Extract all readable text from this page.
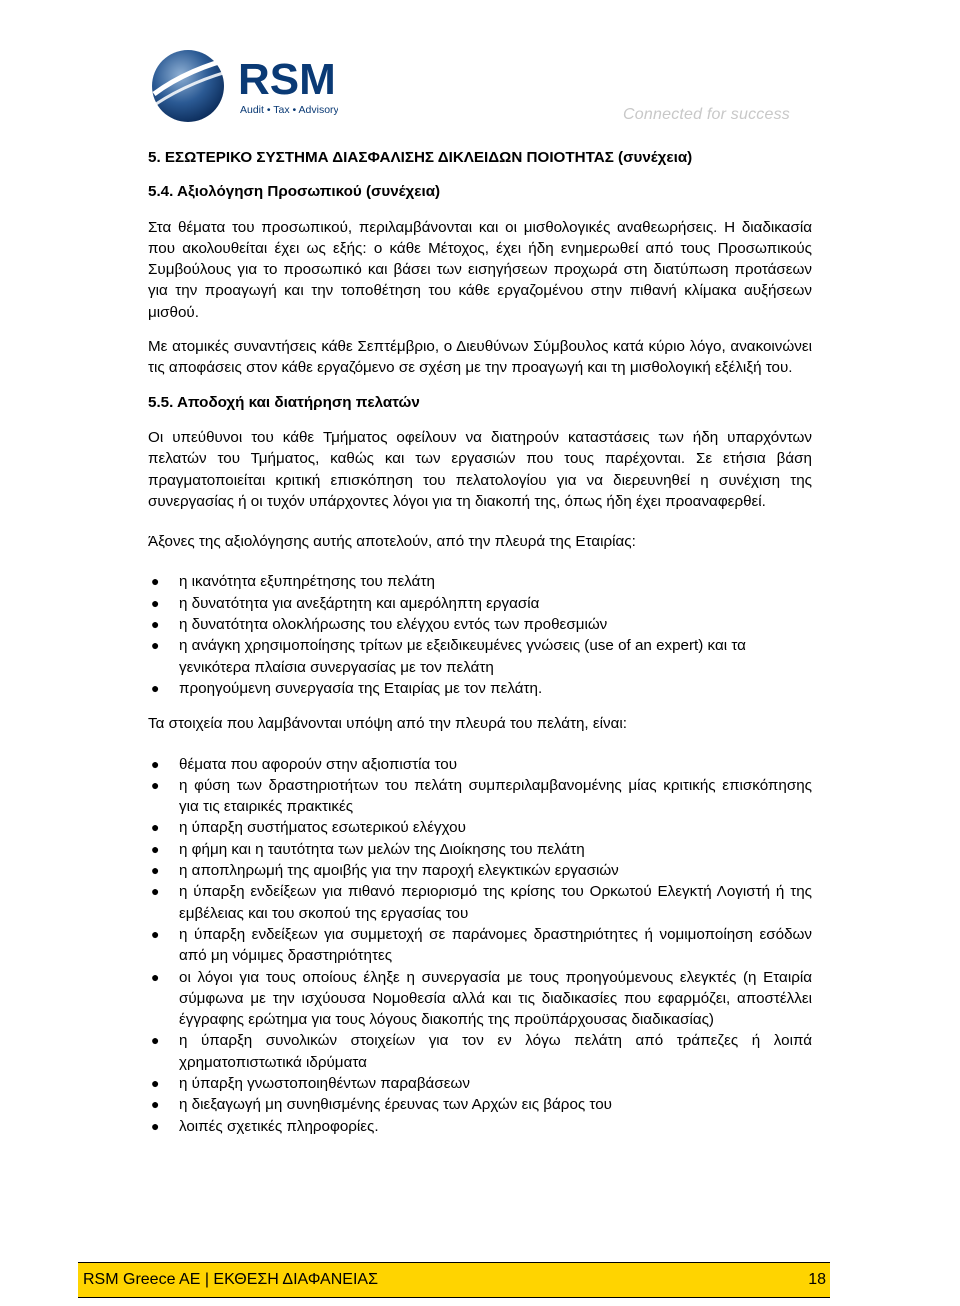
RSM
Audit • Tax • Advisory	Connected for success
5. ΕΣΩΤΕΡΙΚΟ ΣΥΣΤΗΜΑ ΔΙΑΣΦΑΛΙΣΗΣ ΔΙΚΛΕΙΔΩΝ ΠΟΙΟΤΗΤΑΣ (συνέχεια)
5.4. Αξιολόγηση Προσωπικού (συνέχεια)

Στα θέματα του προσωπικού, περιλαμβάνονται και οι μισθολογικές αναθεωρήσεις. Η διαδικασία που ακολουθείται έχει ως εξής: ο κάθε Μέτοχος, έχει ήδη ενημερωθεί από τους Προσωπικούς Συμβούλους για το προσωπικό και βάσει των εισηγήσεων προχωρά στη διατύπωση προτάσεων για την προαγωγή και την τοποθέτηση του κάθε εργαζομένου στην πιθανή κλίμακα αυξήσεων μισθού.

Με ατομικές συναντήσεις κάθε Σεπτέμβριο, ο Διευθύνων Σύμβουλος κατά κύριο λόγο, ανακοινώνει τις αποφάσεις στον κάθε εργαζόμενο σε σχέση με την προαγωγή και τη μισθολογική εξέλιξή του.

5.5. Αποδοχή και διατήρηση πελατών

Οι υπεύθυνοι του κάθε Τμήματος οφείλουν να διατηρούν καταστάσεις των ήδη υπαρχόντων πελατών του Τμήματος, καθώς και των εργασιών που τους παρέχονται. Σε ετήσια βάση πραγματοποιείται κριτική επισκόπηση του πελατολογίου για να διερευνηθεί η συνέχιση της συνεργασίας ή οι τυχόν υπάρχοντες λόγοι για τη διακοπή της, όπως ήδη έχει προαναφερθεί.

Άξονες της αξιολόγησης αυτής αποτελούν, από την πλευρά της Εταιρίας:

● η ικανότητα εξυπηρέτησης του πελάτη
● η δυνατότητα για ανεξάρτητη και αμερόληπτη εργασία
● η δυνατότητα ολοκλήρωσης του ελέγχου εντός των προθεσμιών
● η ανάγκη χρησιμοποίησης τρίτων με εξειδικευμένες γνώσεις (use of an expert) και τα γενικότερα πλαίσια συνεργασίας με τον πελάτη
● προηγούμενη συνεργασία της Εταιρίας με τον πελάτη.

Τα στοιχεία που λαμβάνονται υπόψη από την πλευρά του πελάτη, είναι:

● θέματα που αφορούν στην αξιοπιστία του
● η φύση των δραστηριοτήτων του πελάτη συμπεριλαμβανομένης μίας κριτικής επισκόπησης για τις εταιρικές πρακτικές
● η ύπαρξη συστήματος εσωτερικού ελέγχου
● η φήμη και η ταυτότητα των μελών της Διοίκησης του πελάτη
● η αποπληρωμή της αμοιβής για την παροχή ελεγκτικών εργασιών
● η ύπαρξη ενδείξεων για πιθανό περιορισμό της κρίσης του Ορκωτού Ελεγκτή Λογιστή ή της εμβέλειας και του σκοπού της εργασίας του
● η ύπαρξη ενδείξεων για συμμετοχή σε παράνομες δραστηριότητες ή νομιμοποίηση εσόδων από μη νόμιμες δραστηριότητες
● οι λόγοι για τους οποίους έληξε η συνεργασία με τους προηγούμενους ελεγκτές (η Εταιρία σύμφωνα με την ισχύουσα Νομοθεσία αλλά και τις διαδικασίες που εφαρμόζει, αποστέλλει έγγραφης ερώτημα για τους λόγους διακοπής της προϋπάρχουσας διαδικασίας)
● η ύπαρξη συνολικών στοιχείων για τον εν λόγω πελάτη από τράπεζες ή λοιπά χρηματοπιστωτικά ιδρύματα
● η ύπαρξη γνωστοποιηθέντων παραβάσεων
● η διεξαγωγή μη συνηθισμένης έρευνας των Αρχών εις βάρος του
● λοιπές σχετικές πληροφορίες.
RSM Greece AE | ΕΚΘΕΣΗ ΔΙΑΦΑΝΕΙΑΣ	18
